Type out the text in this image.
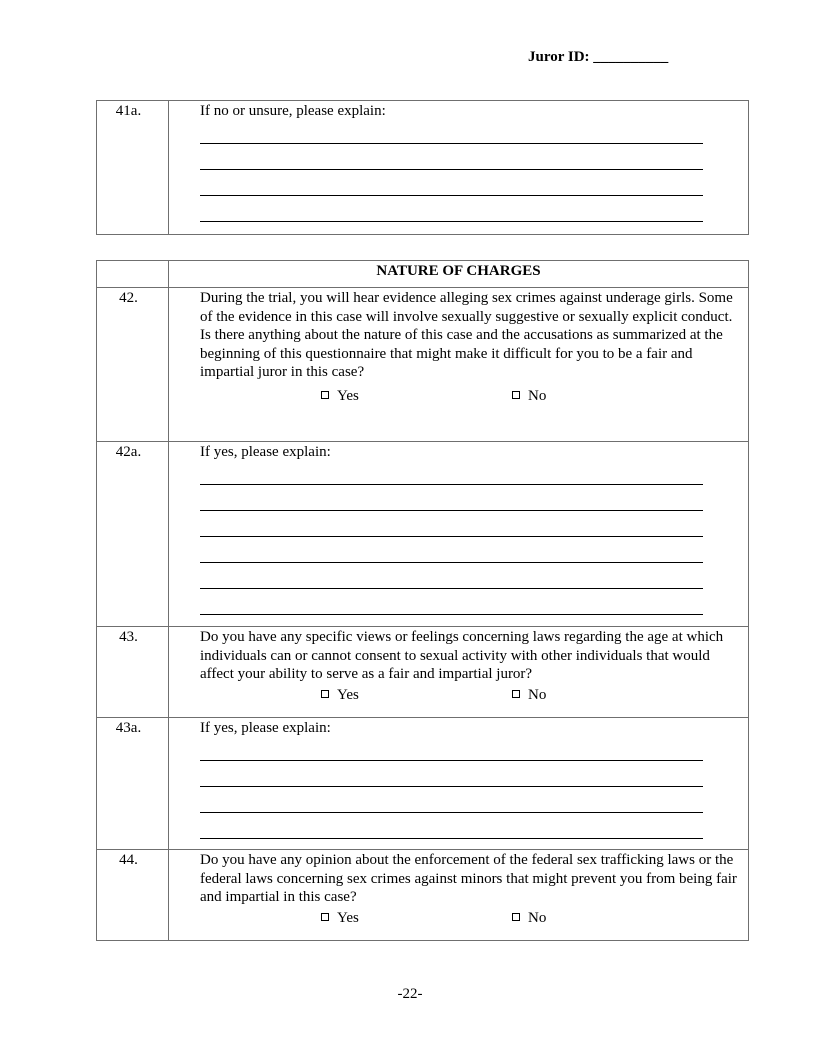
Juror ID: __________
41a.	If no or unsure, please explain:
	NATURE OF CHARGES
42.	During the trial, you will hear evidence alleging sex crimes against underage girls. Some of the evidence in this case will involve sexually suggestive or sexually explicit conduct. Is there anything about the nature of this case and the accusations as summarized at the beginning of this questionnaire that might make it difficult for you to be a fair and impartial juror in this case?
Yes No

42a.	If yes, please explain:

43.	Do you have any specific views or feelings concerning laws regarding the age at which individuals can or cannot consent to sexual activity with other individuals that would affect your ability to serve as a fair and impartial juror?
Yes No

43a.	If yes, please explain:

44.	Do you have any opinion about the enforcement of the federal sex trafficking laws or the federal laws concerning sex crimes against minors that might prevent you from being fair and impartial in this case?
Yes No
-22-
